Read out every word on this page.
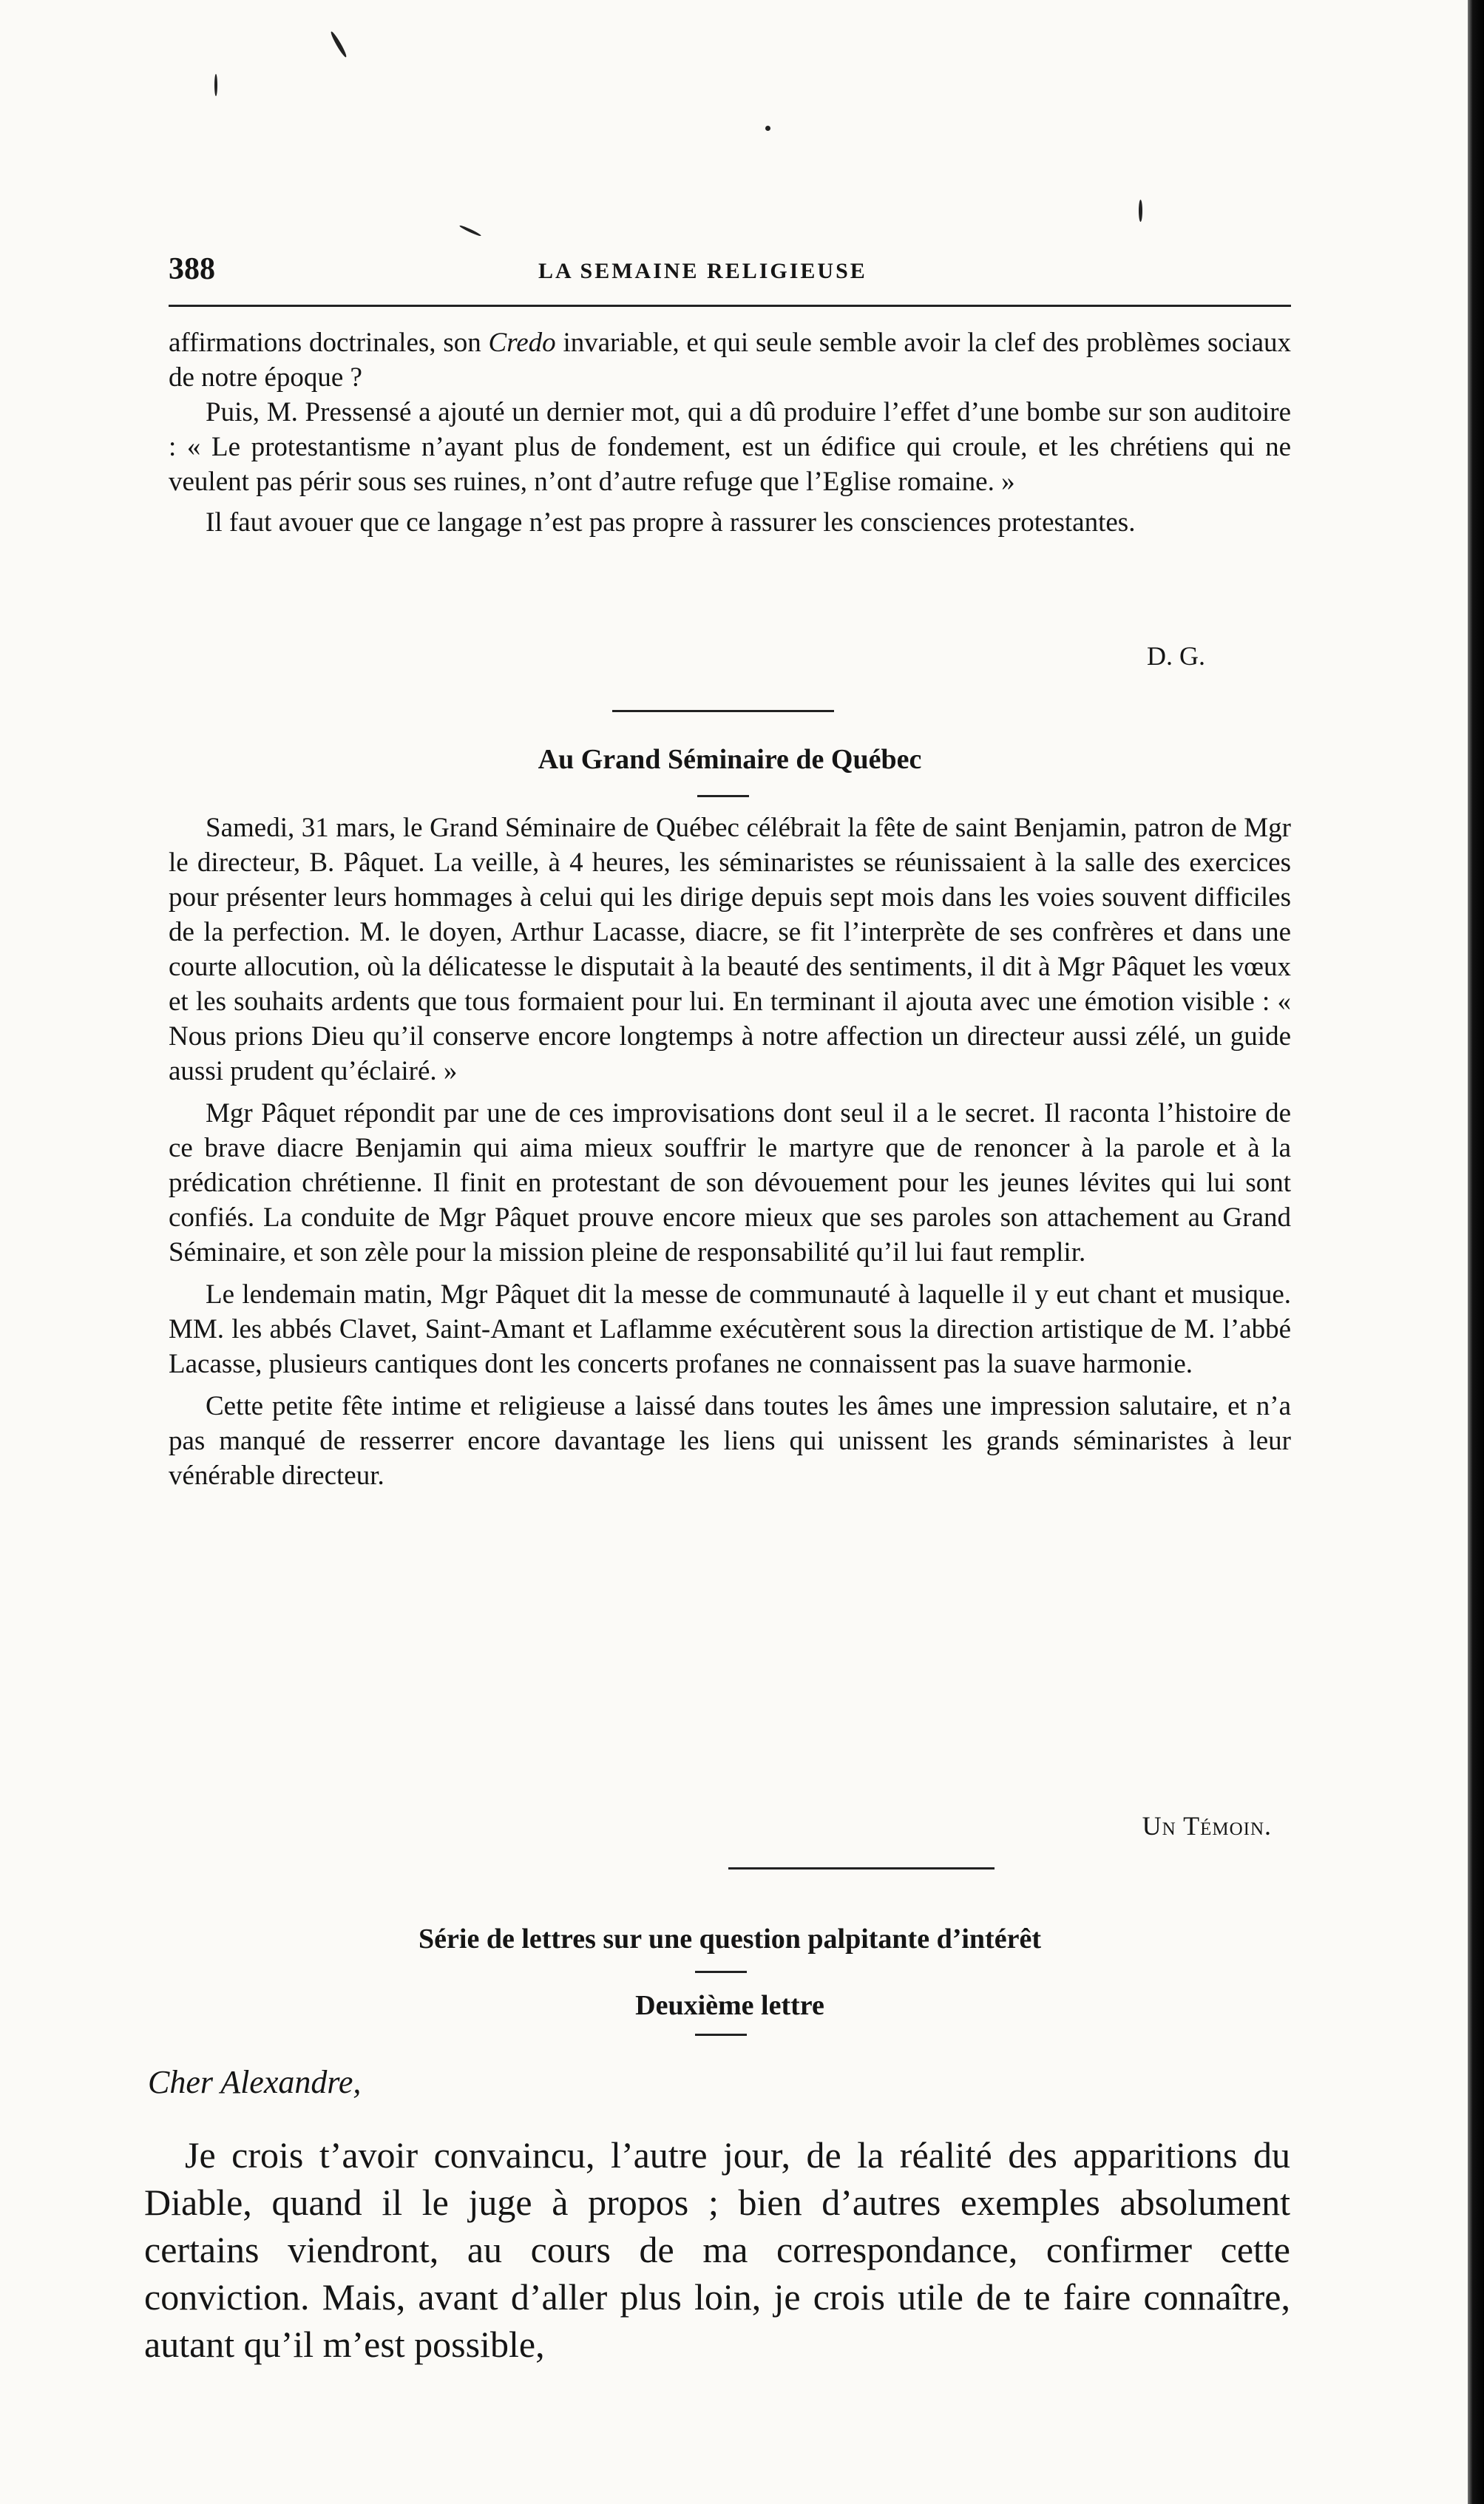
388	LA SEMAINE RELIGIEUSE

affirmations doctrinales, son Credo invariable, et qui seule semble avoir la clef des problèmes sociaux de notre époque ?

Puis, M. Pressensé a ajouté un dernier mot, qui a dû produire l’effet d’une bombe sur son auditoire : « Le protestantisme n’ayant plus de fondement, est un édifice qui croule, et les chrétiens qui ne veulent pas périr sous ses ruines, n’ont d’autre refuge que l’Eglise romaine. »

Il faut avouer que ce langage n’est pas propre à rassurer les consciences protestantes.

D. G.
Au Grand Séminaire de Québec

Samedi, 31 mars, le Grand Séminaire de Québec célébrait la fête de saint Benjamin, patron de Mgr le directeur, B. Pâquet. La veille, à 4 heures, les séminaristes se réunissaient à la salle des exercices pour présenter leurs hommages à celui qui les dirige depuis sept mois dans les voies souvent difficiles de la perfection. M. le doyen, Arthur Lacasse, diacre, se fit l’interprète de ses confrères et dans une courte allocution, où la délicatesse le disputait à la beauté des sentiments, il dit à Mgr Pâquet les vœux et les souhaits ardents que tous formaient pour lui. En terminant il ajouta avec une émotion visible : « Nous prions Dieu qu’il conserve encore longtemps à notre affection un directeur aussi zélé, un guide aussi prudent qu’éclairé. »

Mgr Pâquet répondit par une de ces improvisations dont seul il a le secret. Il raconta l’histoire de ce brave diacre Benjamin qui aima mieux souffrir le martyre que de renoncer à la parole et à la prédication chrétienne. Il finit en protestant de son dévouement pour les jeunes lévites qui lui sont confiés. La conduite de Mgr Pâquet prouve encore mieux que ses paroles son attachement au Grand Séminaire, et son zèle pour la mission pleine de responsabilité qu’il lui faut remplir.

Le lendemain matin, Mgr Pâquet dit la messe de communauté à laquelle il y eut chant et musique. MM. les abbés Clavet, Saint-Amant et Laflamme exécutèrent sous la direction artistique de M. l’abbé Lacasse, plusieurs cantiques dont les concerts profanes ne connaissent pas la suave harmonie.

Cette petite fête intime et religieuse a laissé dans toutes les âmes une impression salutaire, et n’a pas manqué de resserrer encore davantage les liens qui unissent les grands séminaristes à leur vénérable directeur.

Un Témoin.
Série de lettres sur une question palpitante d’intérêt
Deuxième lettre
Cher Alexandre,

Je crois t’avoir convaincu, l’autre jour, de la réalité des apparitions du Diable, quand il le juge à propos ; bien d’autres exemples absolument certains viendront, au cours de ma correspondance, confirmer cette conviction. Mais, avant d’aller plus loin, je crois utile de te faire connaître, autant qu’il m’est possible,
